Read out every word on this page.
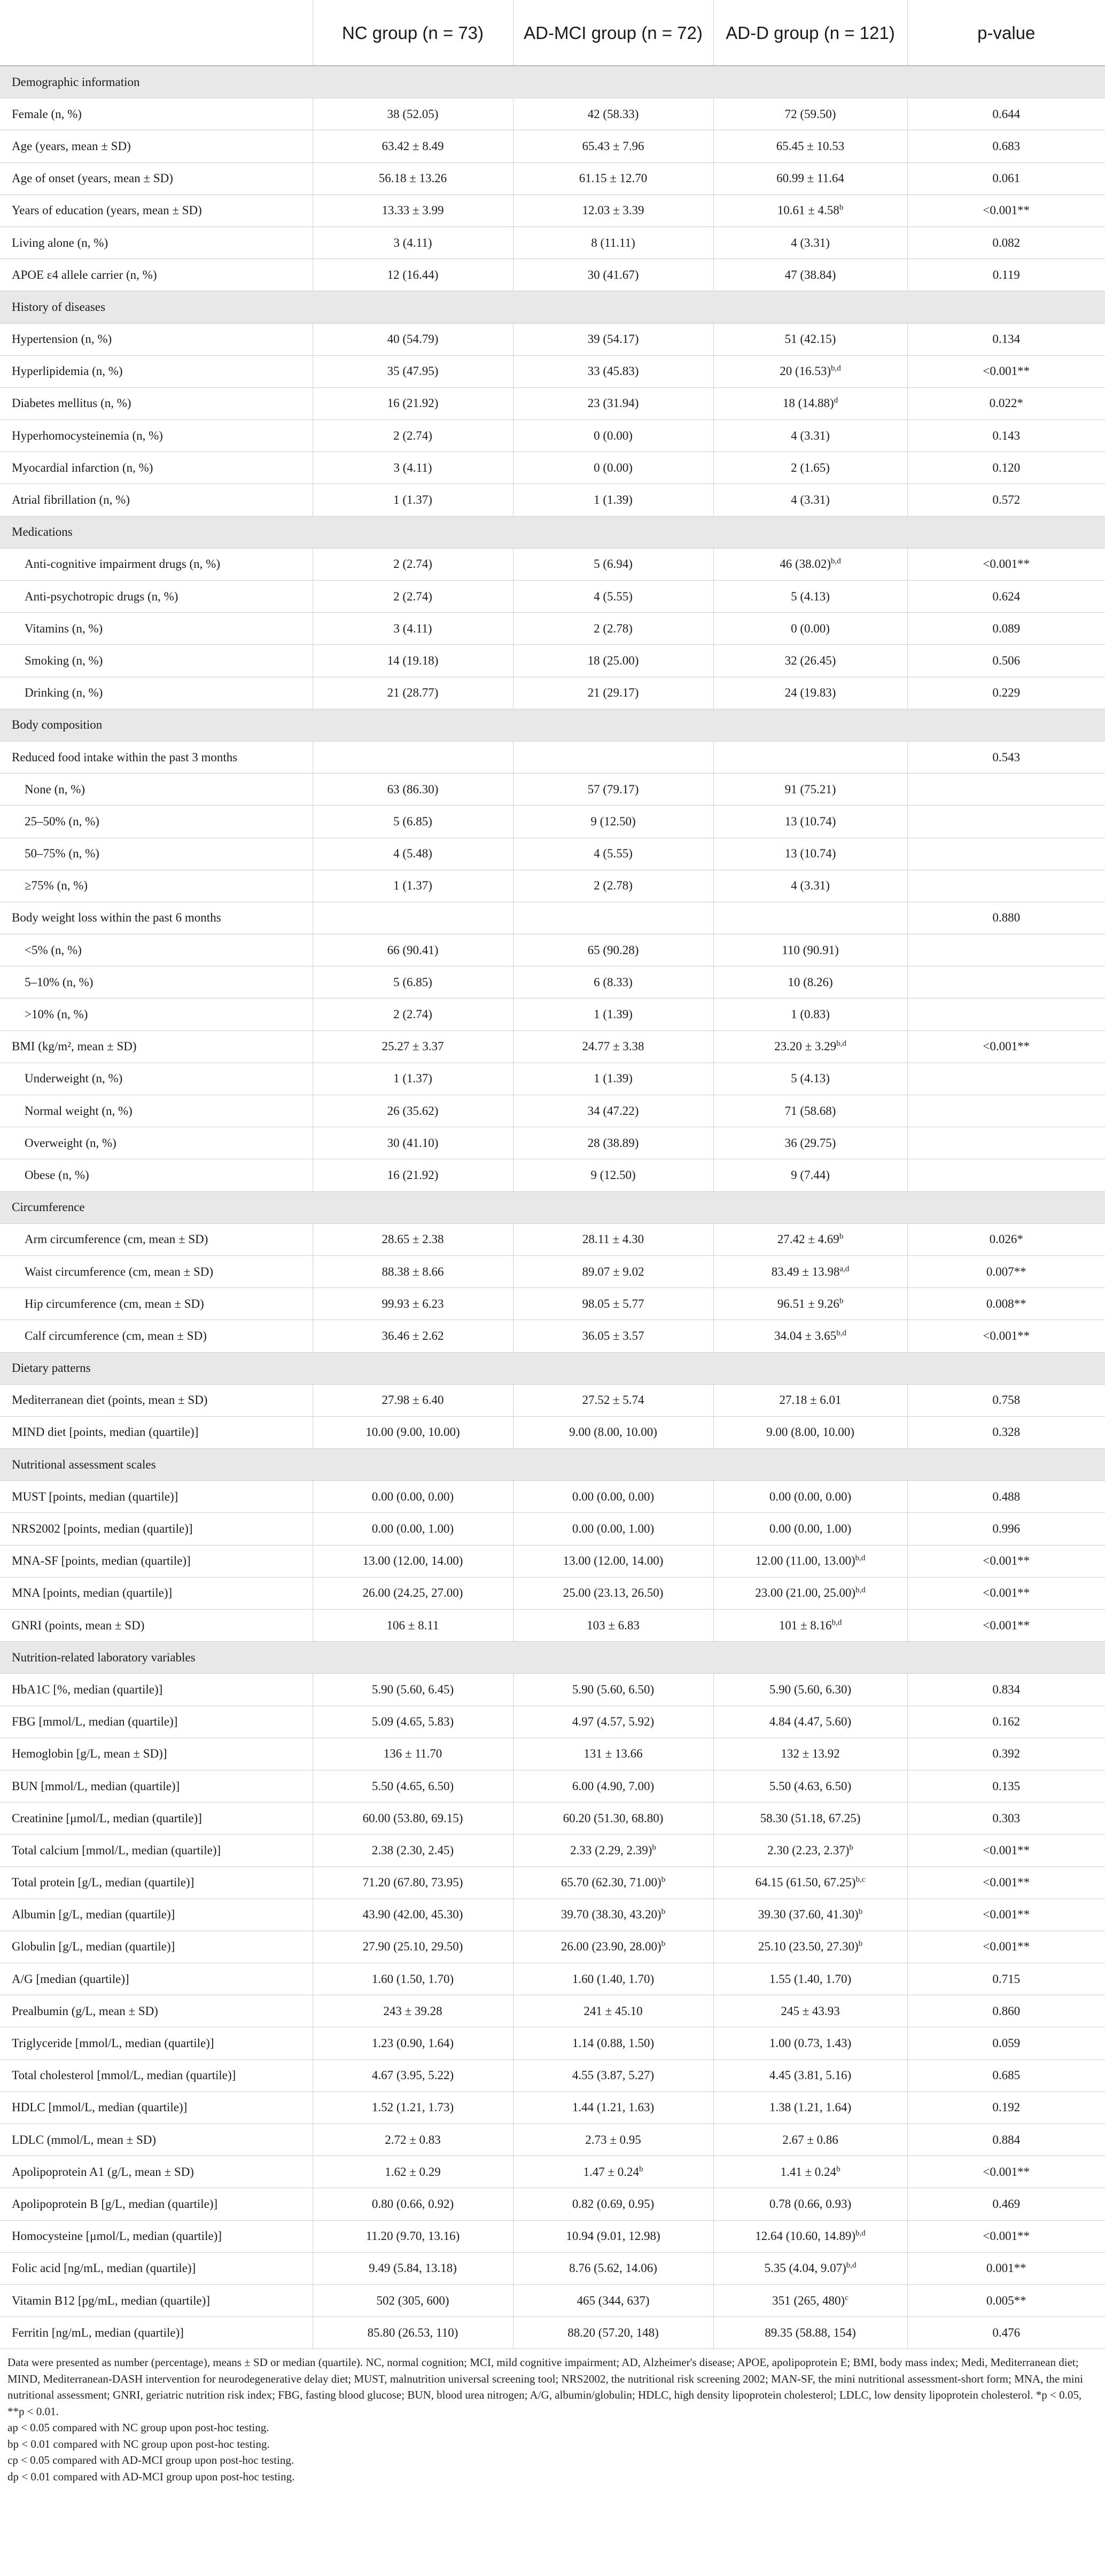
	NC group (n = 73)	AD-MCI group (n = 72)	AD-D group (n = 121)	p-value
Demographic information				
Female (n, %)	38 (52.05)	42 (58.33)	72 (59.50)	0.644
Age (years, mean ± SD)	63.42 ± 8.49	65.43 ± 7.96	65.45 ± 10.53	0.683
Age of onset (years, mean ± SD)	56.18 ± 13.26	61.15 ± 12.70	60.99 ± 11.64	0.061
Years of education (years, mean ± SD)	13.33 ± 3.99	12.03 ± 3.39	10.61 ± 4.58$^b$	<0.001**
Living alone (n, %)	3 (4.11)	8 (11.11)	4 (3.31)	0.082
APOE ε4 allele carrier (n, %)	12 (16.44)	30 (41.67)	47 (38.84)	0.119
History of diseases				
Hypertension (n, %)	40 (54.79)	39 (54.17)	51 (42.15)	0.134
Hyperlipidemia (n, %)	35 (47.95)	33 (45.83)	20 $(16.53)^{b,d}$	<0.001**
Diabetes mellitus (n, %)	16 (21.92)	23 (31.94)	18 $(14.88)^d$	0.022*
Hyperhomocysteinemia (n, %)	2 (2.74)	0 (0.00)	4 (3.31)	0.143
Myocardial infarction (n, %)	3 (4.11)	0 (0.00)	2 (1.65)	0.120
Atrial fibrillation (n, %)	1 (1.37)	1 (1.39)	4 (3.31)	0.572
Medications				
Anti-cognitive impairment drugs (n, %)	2 (2.74)	5 (6.94)	46 $(38.02)^{b,d}$	<0.001**
Anti-psychotropic drugs (n, %)	2 (2.74)	4 (5.55)	5 (4.13)	0.624
Vitamins (n, %)	3 (4.11)	2 (2.78)	0 (0.00)	0.089
Smoking (n, %)	14 (19.18)	18 (25.00)	32 (26.45)	0.506
Drinking (n, %)	21 (28.77)	21 (29.17)	24 (19.83)	0.229
Body composition				
Reduced food intake within the past 3 months				0.543
None (n, %)	63 (86.30)	57 (79.17)	91 (75.21)	
25–50% (n, %)	5 (6.85)	9 (12.50)	13 (10.74)	
50–75% (n, %)	4 (5.48)	4 (5.55)	13 (10.74)	
≥75% (n, %)	1 (1.37)	2 (2.78)	4 (3.31)	
Body weight loss within the past 6 months				0.880
<5% (n, %)	66 (90.41)	65 (90.28)	110 (90.91)	
5–10% (n, %)	5 (6.85)	6 (8.33)	10 (8.26)	
>10% (n, %)	2 (2.74)	1 (1.39)	1 (0.83)	
BMI (kg/m², mean ± SD)	25.27 ± 3.37	24.77 ± 3.38	$23.20 \pm 3.29^{b,d}$	<0.001**
Underweight (n, %)	1 (1.37)	1 (1.39)	5 (4.13)	
Normal weight (n, %)	26 (35.62)	34 (47.22)	71 (58.68)	
Overweight (n, %)	30 (41.10)	28 (38.89)	36 (29.75)	
Obese (n, %)	16 (21.92)	9 (12.50)	9 (7.44)	
Circumference				
Arm circumference (cm, mean ± SD)	28.65 ± 2.38	28.11 ± 4.30	27.42 ± 4.69$^b$	0.026*
Waist circumference (cm, mean ± SD)	88.38 ± 8.66	89.07 ± 9.02	$83.49 \pm 13.98^{a,d}$	0.007**
Hip circumference (cm, mean ± SD)	99.93 ± 6.23	98.05 ± 5.77	96.51 ± 9.26$^b$	0.008**
Calf circumference (cm, mean ± SD)	36.46 ± 2.62	36.05 ± 3.57	$34.04 \pm 3.65^{b,d}$	<0.001**
Dietary patterns				
Mediterranean diet (points, mean ± SD)	27.98 ± 6.40	27.52 ± 5.74	27.18 ± 6.01	0.758
MIND diet [points, median (quartile)]	10.00 (9.00, 10.00)	9.00 (8.00, 10.00)	9.00 (8.00, 10.00)	0.328
Nutritional assessment scales				
MUST [points, median (quartile)]	0.00 (0.00, 0.00)	0.00 (0.00, 0.00)	0.00 (0.00, 0.00)	0.488
NRS2002 [points, median (quartile)]	0.00 (0.00, 1.00)	0.00 (0.00, 1.00)	0.00 (0.00, 1.00)	0.996
MNA-SF [points, median (quartile)]	13.00 (12.00, 14.00)	13.00 (12.00, 14.00)	12.00 (11.00, 13.00)$^{b,d}$	<0.001**
MNA [points, median (quartile)]	26.00 (24.25, 27.00)	25.00 (23.13, 26.50)	23.00 (21.00, 25.00)$^{b,d}$	<0.001**
GNRI (points, mean ± SD)	106 ± 8.11	103 ± 6.83	$101 \pm 8.16^{b,d}$	<0.001**
Nutrition-related laboratory variables				
HbA1C [%, median (quartile)]	5.90 (5.60, 6.45)	5.90 (5.60, 6.50)	5.90 (5.60, 6.30)	0.834
FBG [mmol/L, median (quartile)]	5.09 (4.65, 5.83)	4.97 (4.57, 5.92)	4.84 (4.47, 5.60)	0.162
Hemoglobin [g/L, mean ± SD)]	136 ± 11.70	131 ± 13.66	132 ± 13.92	0.392
BUN [mmol/L, median (quartile)]	5.50 (4.65, 6.50)	6.00 (4.90, 7.00)	5.50 (4.63, 6.50)	0.135
Creatinine [μmol/L, median (quartile)]	60.00 (53.80, 69.15)	60.20 (51.30, 68.80)	58.30 (51.18, 67.25)	0.303
Total calcium [mmol/L, median (quartile)]	2.38 (2.30, 2.45)	2.33 (2.29, 2.39)$^b$	2.30 (2.23, 2.37)$^b$	<0.001**
Total protein [g/L, median (quartile)]	71.20 (67.80, 73.95)	65.70 (62.30, 71.00)$^b$	64.15 (61.50, 67.25)$^{b,c}$	<0.001**
Albumin [g/L, median (quartile)]	43.90 (42.00, 45.30)	39.70 (38.30, 43.20)$^b$	39.30 (37.60, 41.30)$^b$	<0.001**
Globulin [g/L, median (quartile)]	27.90 (25.10, 29.50)	26.00 (23.90, 28.00)$^b$	25.10 (23.50, 27.30)$^b$	<0.001**
A/G [median (quartile)]	1.60 (1.50, 1.70)	1.60 (1.40, 1.70)	1.55 (1.40, 1.70)	0.715
Prealbumin (g/L, mean ± SD)	243 ± 39.28	241 ± 45.10	245 ± 43.93	0.860
Triglyceride [mmol/L, median (quartile)]	1.23 (0.90, 1.64)	1.14 (0.88, 1.50)	1.00 (0.73, 1.43)	0.059
Total cholesterol [mmol/L, median (quartile)]	4.67 (3.95, 5.22)	4.55 (3.87, 5.27)	4.45 (3.81, 5.16)	0.685
HDLC [mmol/L, median (quartile)]	1.52 (1.21, 1.73)	1.44 (1.21, 1.63)	1.38 (1.21, 1.64)	0.192
LDLC (mmol/L, mean ± SD)	2.72 ± 0.83	2.73 ± 0.95	2.67 ± 0.86	0.884
Apolipoprotein A1 (g/L, mean ± SD)	1.62 ± 0.29	1.47 ± 0.24$^b$	1.41 ± 0.24$^b$	<0.001**
Apolipoprotein B [g/L, median (quartile)]	0.80 (0.66, 0.92)	0.82 (0.69, 0.95)	0.78 (0.66, 0.93)	0.469
Homocysteine [μmol/L, median (quartile)]	11.20 (9.70, 13.16)	10.94 (9.01, 12.98)	12.64 (10.60, 14.89)$^{b,d}$	<0.001**
Folic acid [ng/mL, median (quartile)]	9.49 (5.84, 13.18)	8.76 (5.62, 14.06)	5.35 (4.04, 9.07)$^{b,d}$	0.001**
Vitamin B12 [pg/mL, median (quartile)]	502 (305, 600)	465 (344, 637)	351 (265, 480)$^c$	0.005**
Ferritin [ng/mL, median (quartile)]	85.80 (26.53, 110)	88.20 (57.20, 148)	89.35 (58.88, 154)	0.476

Data were presented as number (percentage), means ± SD or median (quartile). NC, normal cognition; MCI, mild cognitive impairment; AD, Alzheimer's disease; APOE, apolipoprotein E; BMI, body mass index; Medi, Mediterranean diet; MIND, Mediterranean-DASH intervention for neurodegenerative delay diet; MUST, malnutrition universal screening tool; NRS2002, the nutritional risk screening 2002; MAN-SF, the mini nutritional assessment-short form; MNA, the mini nutritional assessment; GNRI, geriatric nutrition risk index; FBG, fasting blood glucose; BUN, blood urea nitrogen; A/G, albumin/globulin; HDLC, high density lipoprotein cholesterol; LDLC, low density lipoprotein cholesterol. *p < 0.05, **p < 0.01.

ap < 0.05 compared with NC group upon post-hoc testing.

bp < 0.01 compared with NC group upon post-hoc testing.

cp < 0.05 compared with AD-MCI group upon post-hoc testing.

dp < 0.01 compared with AD-MCI group upon post-hoc testing.
